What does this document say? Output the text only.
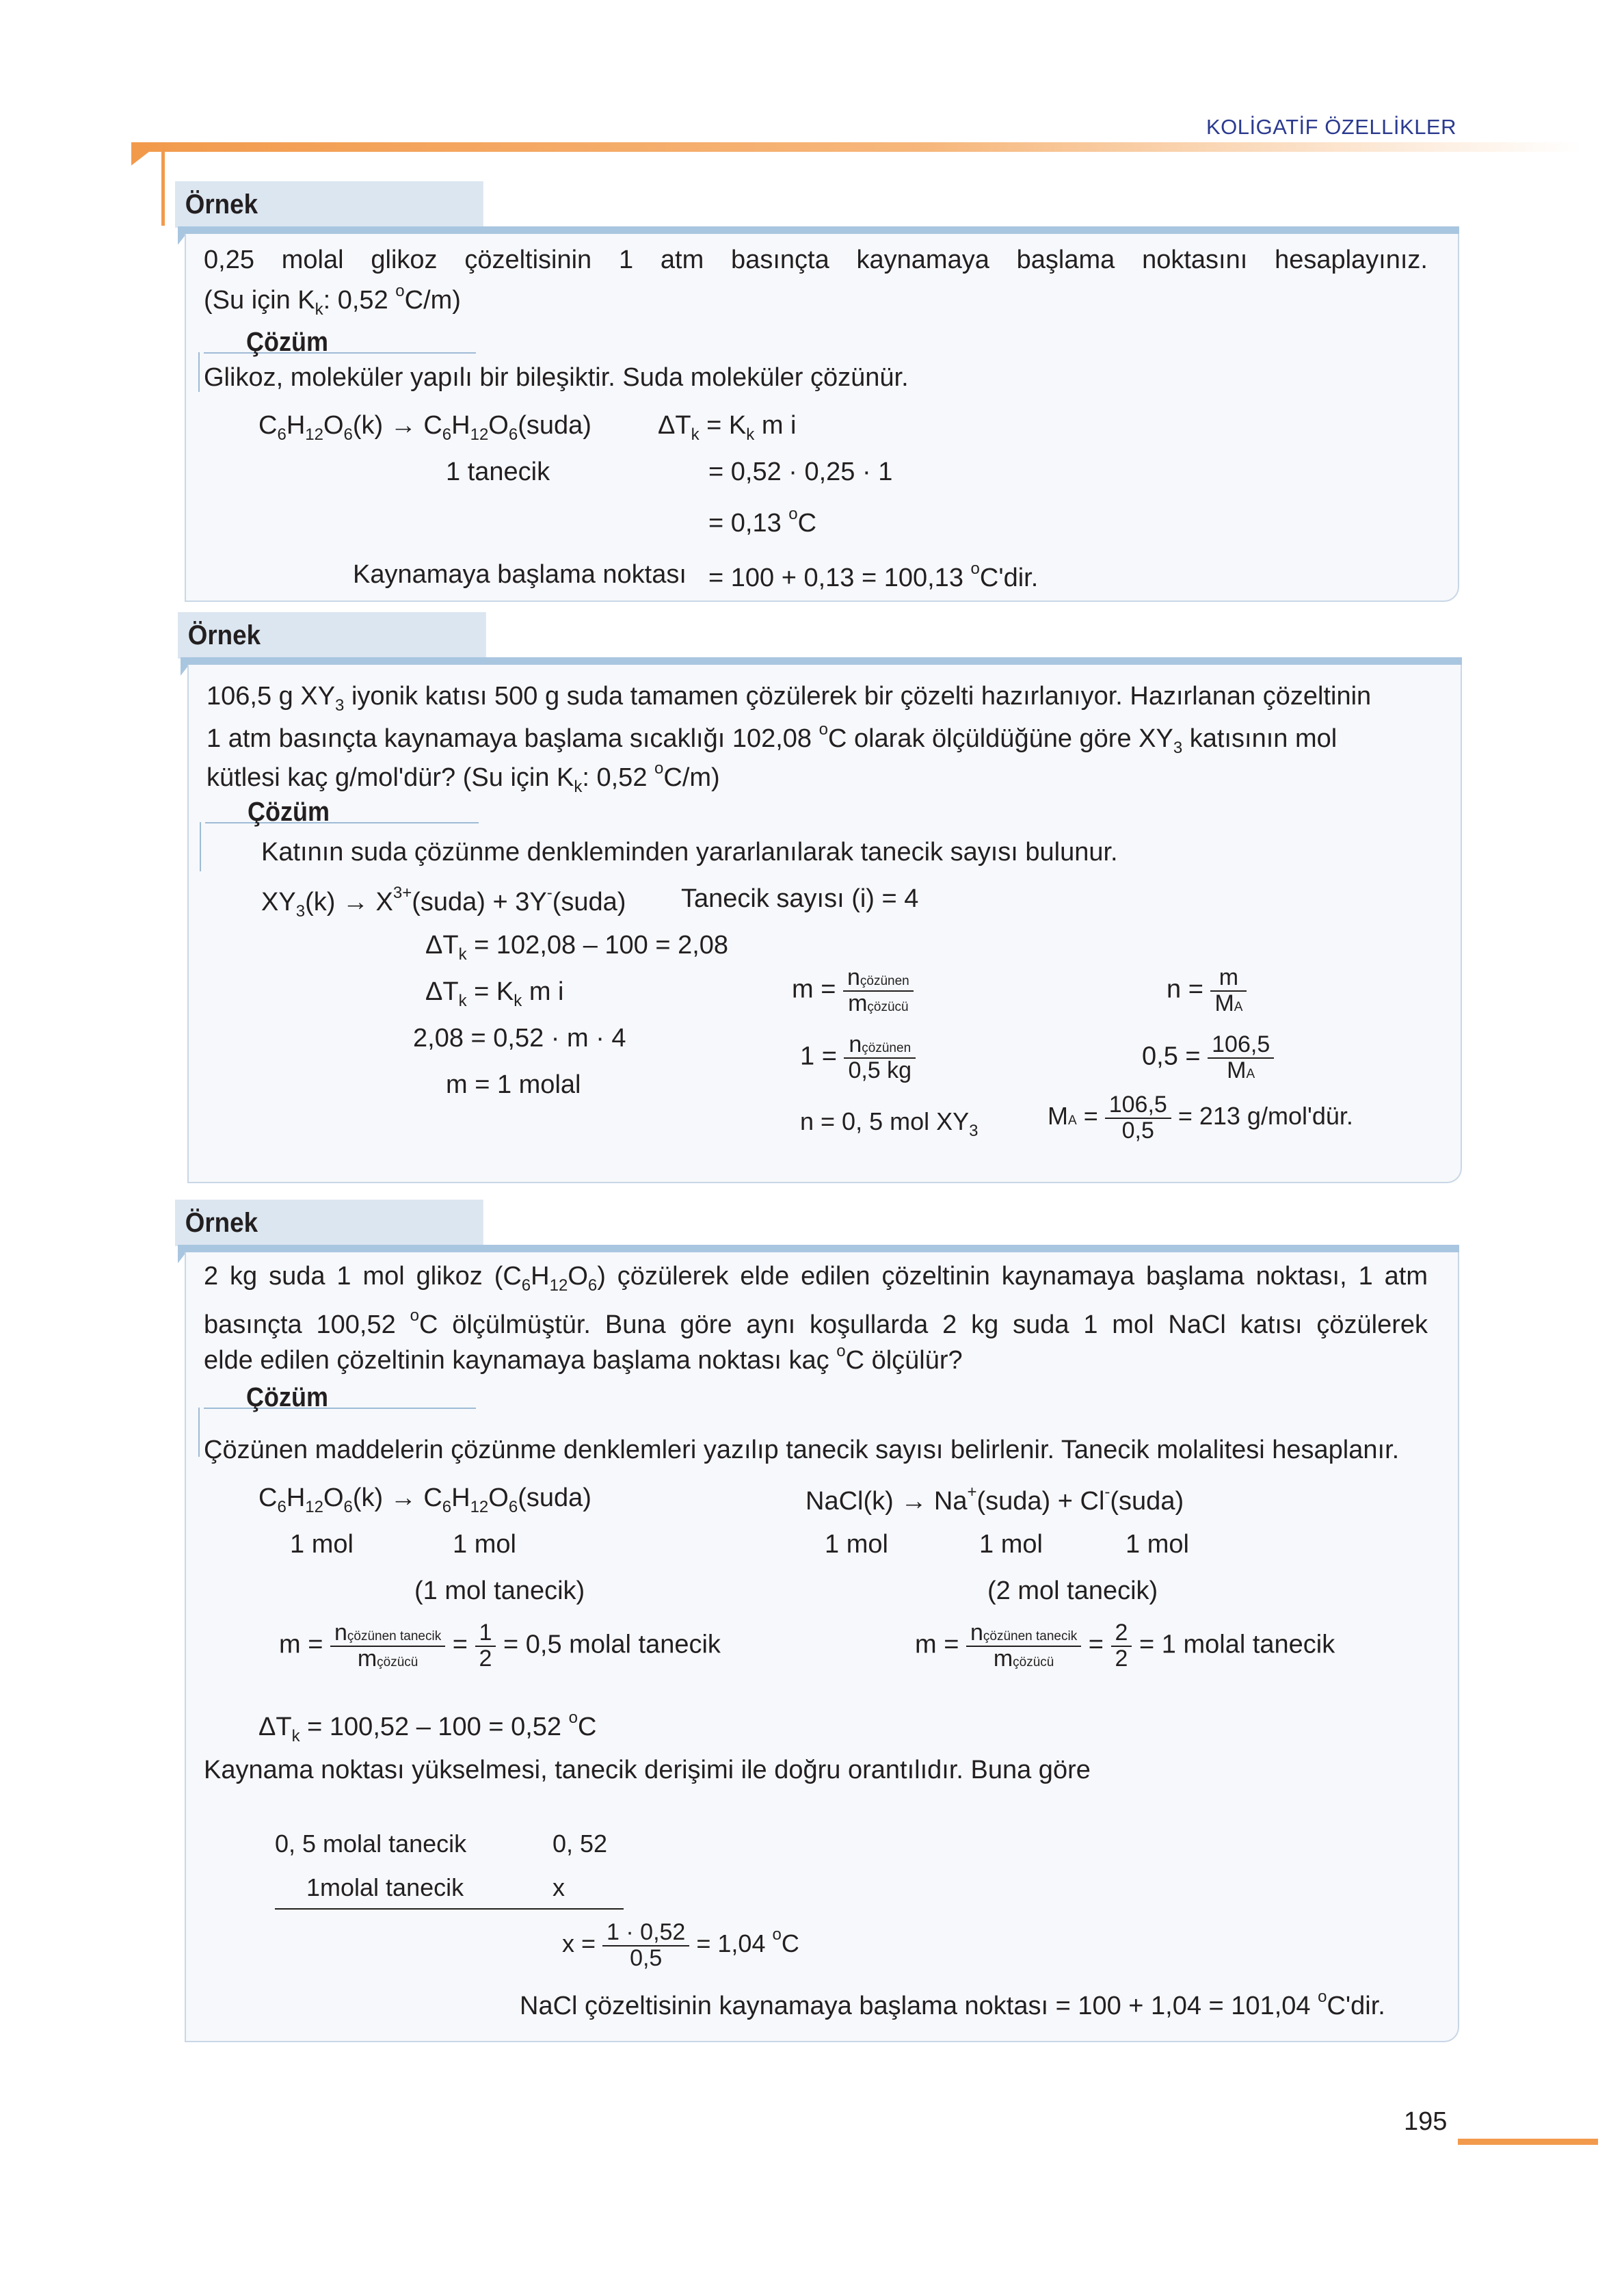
KOLİGATİF ÖZELLİKLER
Örnek
0,25 molal glikoz çözeltisinin 1 atm basınçta kaynamaya başlama noktasını hesaplayınız.
(Su için $K_k$: 0,52 $^o$C/m)
Çözüm
Glikoz, moleküler yapılı bir bileşiktir. Suda moleküler çözünür.
$C_6H_{12}O_6(k)$ → $C_6H_{12}O_6(suda)$	$\Delta T_k = K_k$ m i
1 tanecik	= 0,52 · 0,25 · 1
= 0,13 $^o$C
Kaynamaya başlama noktası = 100 + 0,13 = 100,13 $^o$C'dir.
Örnek
106,5 g $XY_3$ iyonik katısı 500 g suda tamamen çözülerek bir çözelti hazırlanıyor. Hazırlanan çözeltinin
1 atm basınçta kaynamaya başlama sıcaklığı 102,08 $^o$C olarak ölçüldüğüne göre $XY_3$ katısının mol
kütlesi kaç g/mol'dür? (Su için $K_k$: 0,52 $^o$C/m)
Çözüm
Katının suda çözünme denkleminden yararlanılarak tanecik sayısı bulunur.
$XY_3(k)$ → $X^{3+}(suda)$ + 3Y-(suda) Tanecik sayısı (i) = 4
$\Delta T_k = 102,08 - 100 = 2,08$
$\Delta T_k = K_k$ m i
2,08 = 0,52 · m · 4
m = 1 molal
$m = \frac{\text{nçözünen}}{\text{mçözücü}}$
$1 = \frac{\text{nçözünen}}{0,5 kg}$
n = 0, 5 mol $XY_3$
$n = \frac{m}{MA}$
$0,5 = \frac{106,5}{MA}$
MA = $\frac{106,5}{0,5} = 213$ g/mol'dür.
Örnek
2 kg suda 1 mol glikoz $(C_6H_{12}O_6)$ çözülerek elde edilen çözeltinin kaynamaya başlama noktası, 1 atm
basınçta 100,52 $^o$C ölçülmüştür. Buna göre aynı koşullarda 2 kg suda 1 mol NaCl katısı çözülerek
elde edilen çözeltinin kaynamaya başlama noktası kaç $^o$C ölçülür?
Çözüm
Çözünen maddelerin çözünme denklemleri yazılıp tanecik sayısı belirlenir. Tanecik molalitesi hesaplanır.
$C_6H_{12}O_6(k)$ → $C_6H_{12}O_6(suda)$	NaCl(k) → Na+(suda) + Cl-(suda)
1 mol	1 mol	1 mol	1 mol	1 mol
(1 mol tanecik)	(2 mol tanecik)
$m = \frac{\text{nçözünen tanecik}}{\text{mçözücü}} = \frac{1}{2} = 0,5$ molal tanecik	$m = \frac{\text{nçözünen tanecik}}{\text{mçözücü}} = \frac{2}{2} = 1$ molal tanecik
$\Delta T_k = 100,52 - 100 = 0,52$ $^o$C
Kaynama noktası yükselmesi, tanecik derişimi ile doğru orantılıdır. Buna göre
0, 5 molal tanecik	0, 52
1molal tanecik	x
$x = \frac{1 \cdot 0,52}{0,5} = 1,04$ $^o$C
NaCl çözeltisinin kaynamaya başlama noktası = 100 + 1,04 = 101,04 $^o$C'dir.
195
